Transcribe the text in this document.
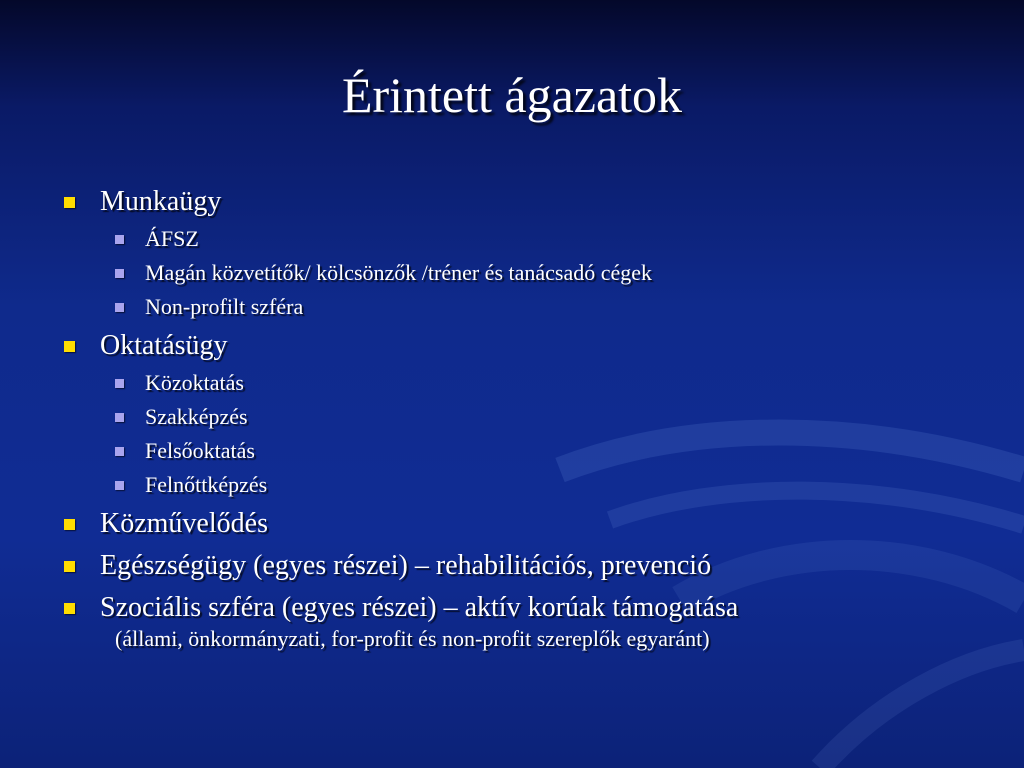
Érintett ágazatok
Munkaügy
ÁFSZ
Magán közvetítők/ kölcsönzők /tréner és tanácsadó cégek
Non-profilt szféra
Oktatásügy
Közoktatás
Szakképzés
Felsőoktatás
Felnőttképzés
Közművelődés
Egészségügy (egyes részei) – rehabilitációs, prevenció
Szociális szféra (egyes részei) – aktív korúak támogatása
(állami, önkormányzati, for-profit és non-profit szereplők egyaránt)
